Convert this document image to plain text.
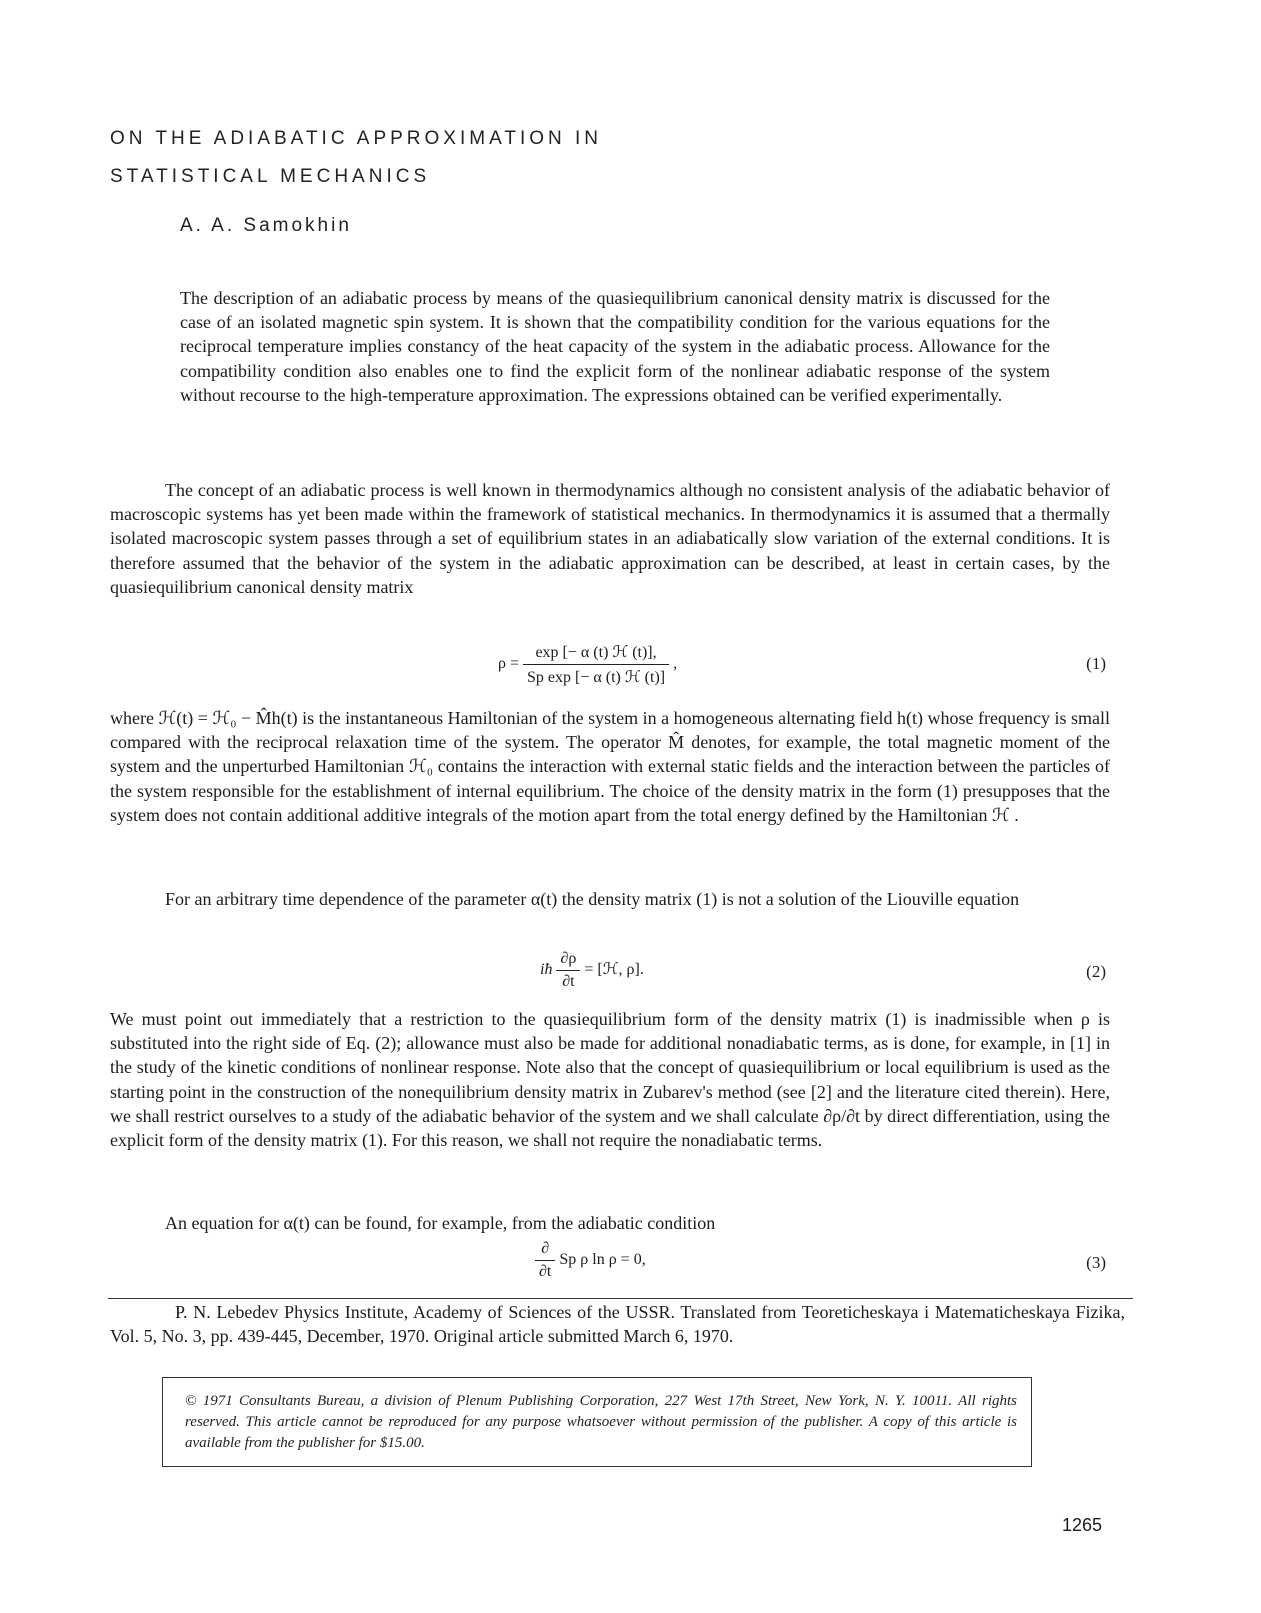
ON THE ADIABATIC APPROXIMATION IN
STATISTICAL MECHANICS
A. A. Samokhin

The description of an adiabatic process by means of the quasiequilibrium canonical density matrix is discussed for the case of an isolated magnetic spin system. It is shown that the compatibility condition for the various equations for the reciprocal temperature implies constancy of the heat capacity of the system in the adiabatic process. Allowance for the compatibility condition also enables one to find the explicit form of the nonlinear adiabatic response of the system without recourse to the high-temperature approximation. The expressions obtained can be verified experimentally.

The concept of an adiabatic process is well known in thermodynamics although no consistent analysis of the adiabatic behavior of macroscopic systems has yet been made within the framework of statistical mechanics. In thermodynamics it is assumed that a thermally isolated macroscopic system passes through a set of equilibrium states in an adiabatically slow variation of the external conditions. It is therefore assumed that the behavior of the system in the adiabatic approximation can be described, at least in certain cases, by the quasiequilibrium canonical density matrix

$\rho = \frac{\text{exp [− α (t) ℋ (t)],}}{\text{Sp exp [− α (t) ℋ (t)]}}$ ,	(1)

where ℋ(t) = ℋ₀ − M̂h(t) is the instantaneous Hamiltonian of the system in a homogeneous alternating field h(t) whose frequency is small compared with the reciprocal relaxation time of the system. The operator M̂ denotes, for example, the total magnetic moment of the system and the unperturbed Hamiltonian ℋ₀ contains the interaction with external static fields and the interaction between the particles of the system responsible for the establishment of internal equilibrium. The choice of the density matrix in the form (1) presupposes that the system does not contain additional additive integrals of the motion apart from the total energy defined by the Hamiltonian ℋ .

For an arbitrary time dependence of the parameter α(t) the density matrix (1) is not a solution of the Liouville equation

iħ $\frac{\partial\rho}{\partial t}$ = [ℋ, ρ].	(2)

We must point out immediately that a restriction to the quasiequilibrium form of the density matrix (1) is inadmissible when ρ is substituted into the right side of Eq. (2); allowance must also be made for additional nonadiabatic terms, as is done, for example, in [1] in the study of the kinetic conditions of nonlinear response. Note also that the concept of quasiequilibrium or local equilibrium is used as the starting point in the construction of the nonequilibrium density matrix in Zubarev's method (see [2] and the literature cited therein). Here, we shall restrict ourselves to a study of the adiabatic behavior of the system and we shall calculate ∂ρ/∂t by direct differentiation, using the explicit form of the density matrix (1). For this reason, we shall not require the nonadiabatic terms.

An equation for α(t) can be found, for example, from the adiabatic condition

$\frac{\partial}{\partial t}$ Sp ρ ln ρ = 0,	(3)

P. N. Lebedev Physics Institute, Academy of Sciences of the USSR. Translated from Teoreticheskaya i Matematicheskaya Fizika, Vol. 5, No. 3, pp. 439-445, December, 1970. Original article submitted March 6, 1970.

© 1971 Consultants Bureau, a division of Plenum Publishing Corporation, 227 West 17th Street, New York, N. Y. 10011. All rights reserved. This article cannot be reproduced for any purpose whatsoever without permission of the publisher. A copy of this article is available from the publisher for $15.00.
1265
